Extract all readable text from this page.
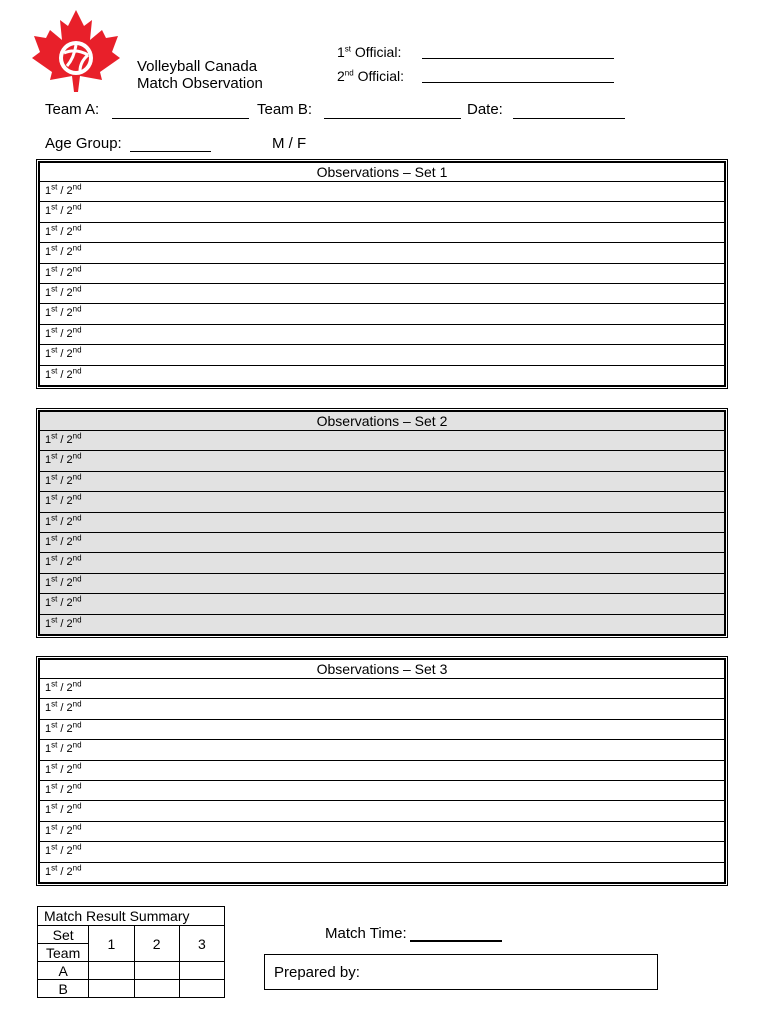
Volleyball Canada
Match Observation
1st Official:
2nd Official:
Team A:	Team B:	Date:
Age Group:	M / F
Observations – Set 1
1st / 2nd
1st / 2nd
1st / 2nd
1st / 2nd
1st / 2nd
1st / 2nd
1st / 2nd
1st / 2nd
1st / 2nd
1st / 2nd
Observations – Set 2
1st / 2nd
1st / 2nd
1st / 2nd
1st / 2nd
1st / 2nd
1st / 2nd
1st / 2nd
1st / 2nd
1st / 2nd
1st / 2nd
Observations – Set 3
1st / 2nd
1st / 2nd
1st / 2nd
1st / 2nd
1st / 2nd
1st / 2nd
1st / 2nd
1st / 2nd
1st / 2nd
1st / 2nd
Match Result Summary			
Set	1	2	3
Team			
A			
B			
Match Time:
Prepared by:
